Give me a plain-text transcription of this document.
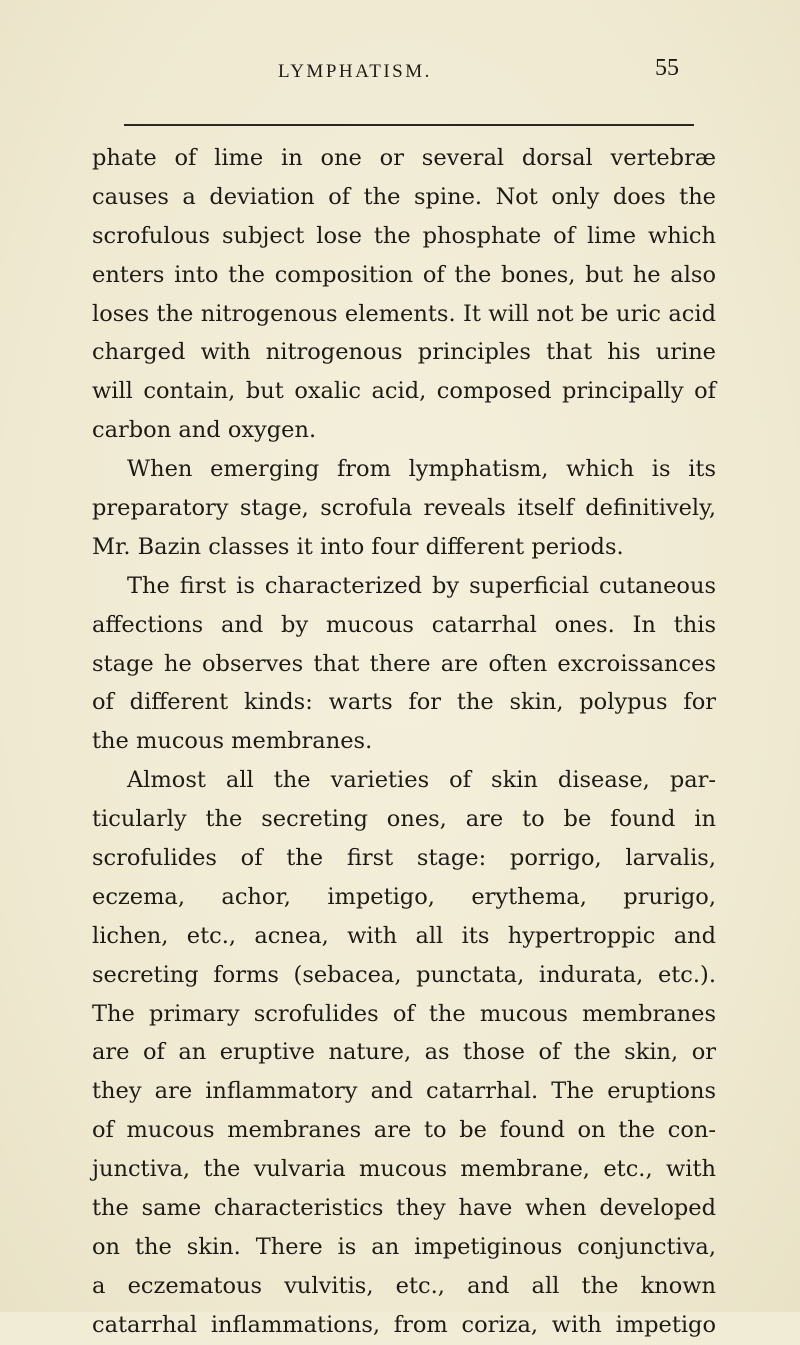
LYMPHATISM.	55
phate of lime in one or several dorsal vertebræ
causes a deviation of the spine. Not only does the
scrofulous subject lose the phosphate of lime which
enters into the composition of the bones, but he also
loses the nitrogenous elements. It will not be uric acid
charged with nitrogenous principles that his urine
will contain, but oxalic acid, composed principally of
carbon and oxygen.
When emerging from lymphatism, which is its
preparatory stage, scrofula reveals itself definitively,
Mr. Bazin classes it into four different periods.
The first is characterized by superficial cutaneous
affections and by mucous catarrhal ones. In this
stage he observes that there are often excroissances
of different kinds: warts for the skin, polypus for
the mucous membranes.
Almost all the varieties of skin disease, par-
ticularly the secreting ones, are to be found in
scrofulides of the first stage: porrigo, larvalis,
eczema, achor, impetigo, erythema, prurigo,
lichen, etc., acnea, with all its hypertroppic and
secreting forms (sebacea, punctata, indurata, etc.).
The primary scrofulides of the mucous membranes
are of an eruptive nature, as those of the skin, or
they are inflammatory and catarrhal. The eruptions
of mucous membranes are to be found on the con-
junctiva, the vulvaria mucous membrane, etc., with
the same characteristics they have when developed
on the skin. There is an impetiginous conjunctiva,
a eczematous vulvitis, etc., and all the known
catarrhal inflammations, from coriza, with impetigo
